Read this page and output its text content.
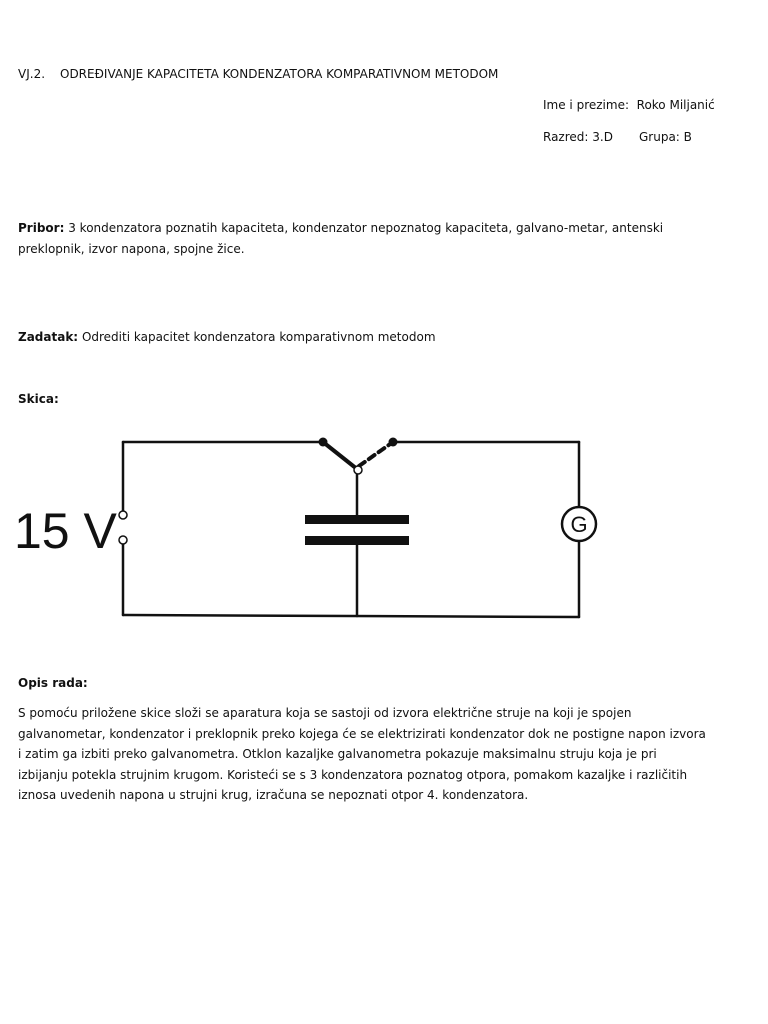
VJ.2. ODREĐIVANJE KAPACITETA KONDENZATORA KOMPARATIVNOM METODOM
Ime i prezime: Roko Miljanić
Razred: 3.D Grupa: B
Pribor: 3 kondenzatora poznatih kapaciteta, kondenzator nepoznatog kapaciteta, galvano-metar, antenski preklopnik, izvor napona, spojne žice.
Zadatak: Odrediti kapacitet kondenzatora komparativnom metodom
Skica:
15 V	G
Opis rada:
S pomoću priložene skice složi se aparatura koja se sastoji od izvora električne struje na koji je spojen galvanometar, kondenzator i preklopnik preko kojega će se elektrizirati kondenzator dok ne postigne napon izvora i zatim ga izbiti preko galvanometra. Otklon kazaljke galvanometra pokazuje maksimalnu struju koja je pri izbijanju potekla strujnim krugom. Koristeći se s 3 kondenzatora poznatog otpora, pomakom kazaljke i različitih iznosa uvedenih napona u strujni krug, izračuna se nepoznati otpor 4. kondenzatora.
